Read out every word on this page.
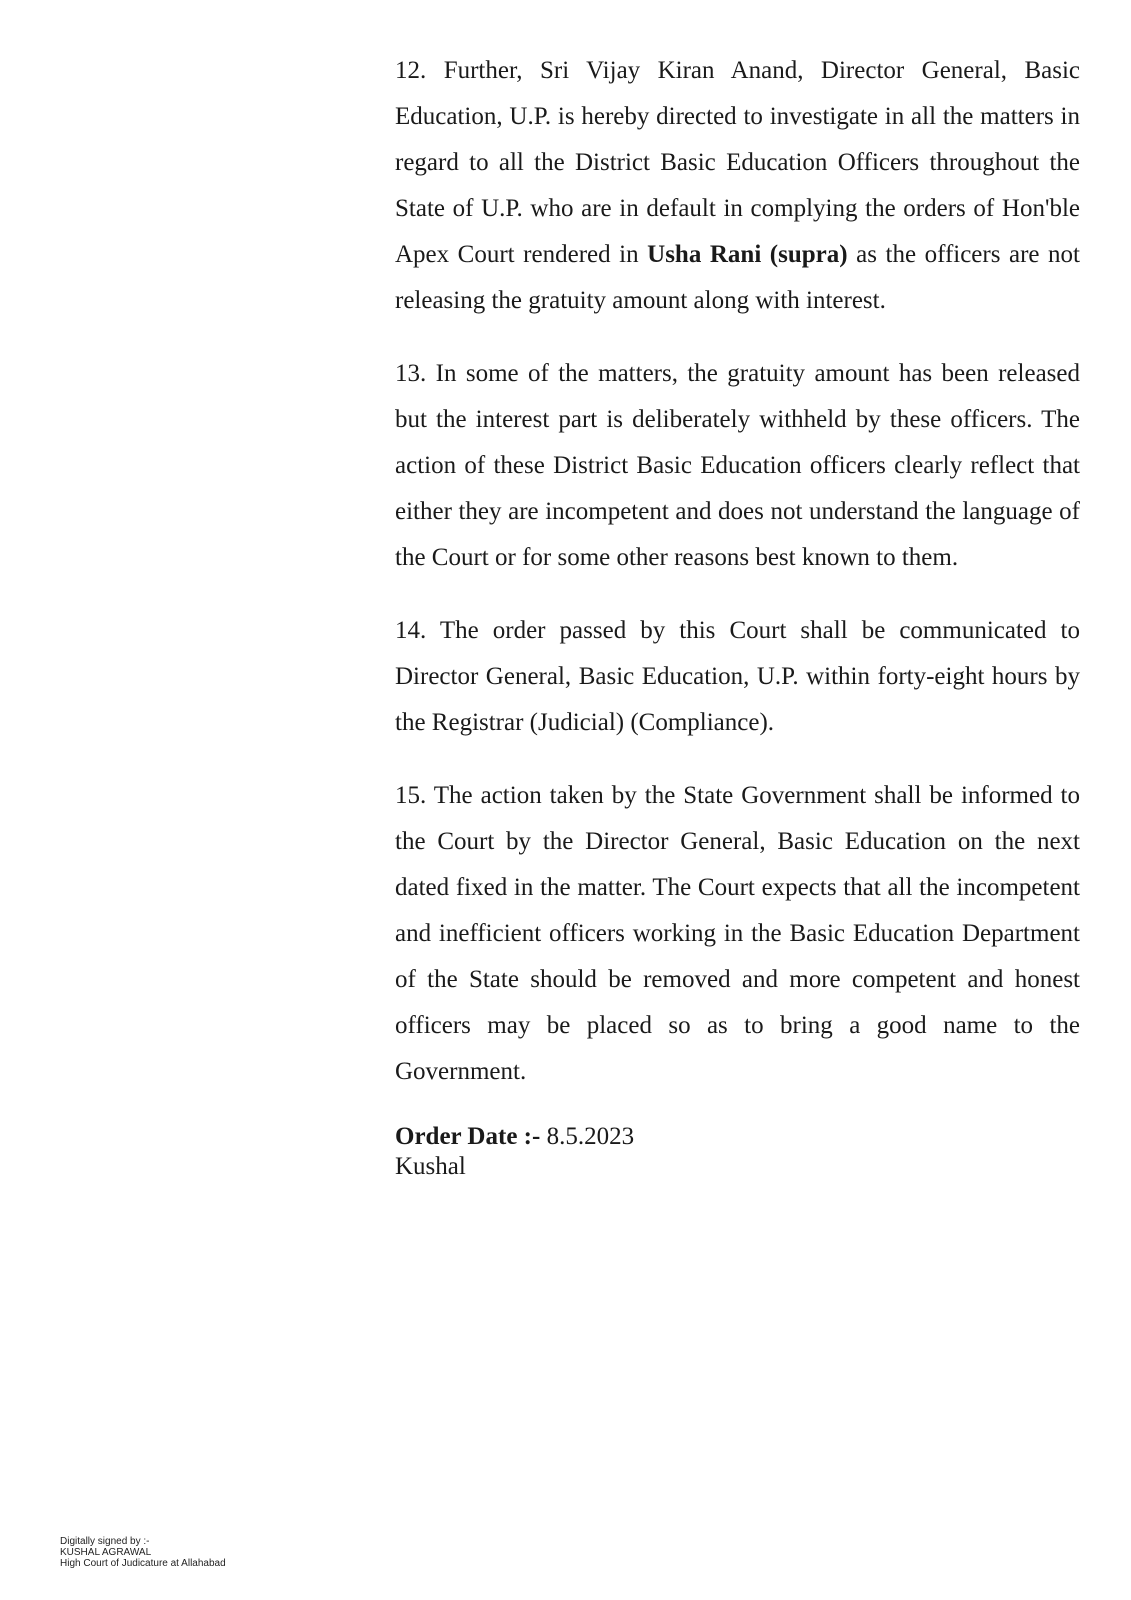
12. Further, Sri Vijay Kiran Anand, Director General, Basic Education, U.P. is hereby directed to investigate in all the matters in regard to all the District Basic Education Officers throughout the State of U.P. who are in default in complying the orders of Hon'ble Apex Court rendered in Usha Rani (supra) as the officers are not releasing the gratuity amount along with interest.

13. In some of the matters, the gratuity amount has been released but the interest part is deliberately withheld by these officers. The action of these District Basic Education officers clearly reflect that either they are incompetent and does not understand the language of the Court or for some other reasons best known to them.

14. The order passed by this Court shall be communicated to Director General, Basic Education, U.P. within forty-eight hours by the Registrar (Judicial) (Compliance).

15. The action taken by the State Government shall be informed to the Court by the Director General, Basic Education on the next dated fixed in the matter. The Court expects that all the incompetent and inefficient officers working in the Basic Education Department of the State should be removed and more competent and honest officers may be placed so as to bring a good name to the Government.

Order Date :- 8.5.2023
Kushal
Digitally signed by :-
KUSHAL AGRAWAL
High Court of Judicature at Allahabad
